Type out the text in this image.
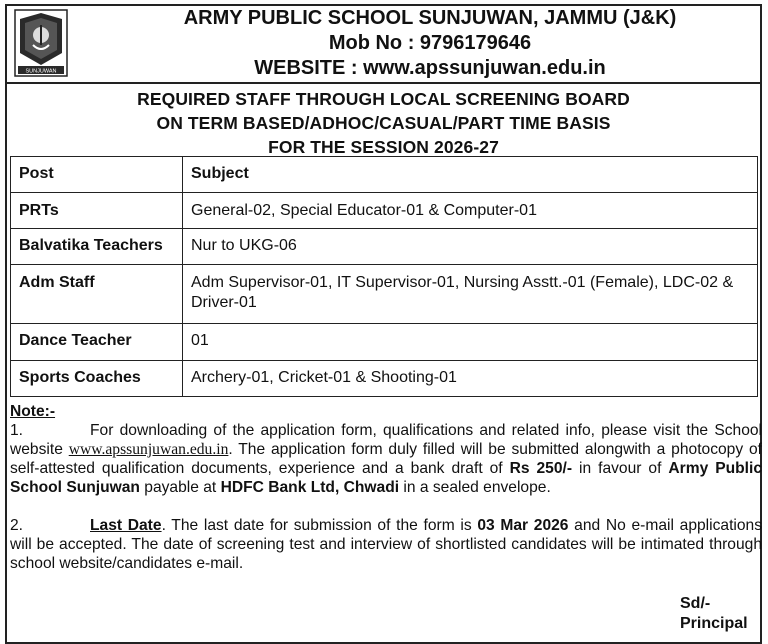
SUNJUWAN
ARMY PUBLIC SCHOOL SUNJUWAN, JAMMU (J&K)
Mob No : 9796179646
WEBSITE : www.apssunjuwan.edu.in
REQUIRED STAFF THROUGH LOCAL SCREENING BOARD
ON TERM BASED/ADHOC/CASUAL/PART TIME BASIS
FOR THE SESSION 2026-27
Post	Subject
PRTs	General-02, Special Educator-01 & Computer-01
Balvatika Teachers	Nur to UKG-06
Adm Staff	Adm Supervisor-01, IT Supervisor-01, Nursing Asstt.-01 (Female), LDC-02 & Driver-01
Dance Teacher	01
Sports Coaches	Archery-01, Cricket-01 & Shooting-01
Note:-

1.	For downloading of the application form, qualifications and related info, please visit the School website www.apssunjuwan.edu.in. The application form duly filled will be submitted alongwith a photocopy of self-attested qualification documents, experience and a bank draft of Rs 250/- in favour of Army Public School Sunjuwan payable at HDFC Bank Ltd, Chwadi in a sealed envelope.

2.	Last Date. The last date for submission of the form is 03 Mar 2026 and No e-mail applications will be accepted. The date of screening test and interview of shortlisted candidates will be intimated through school website/candidates e-mail.

Sd/-
Principal
